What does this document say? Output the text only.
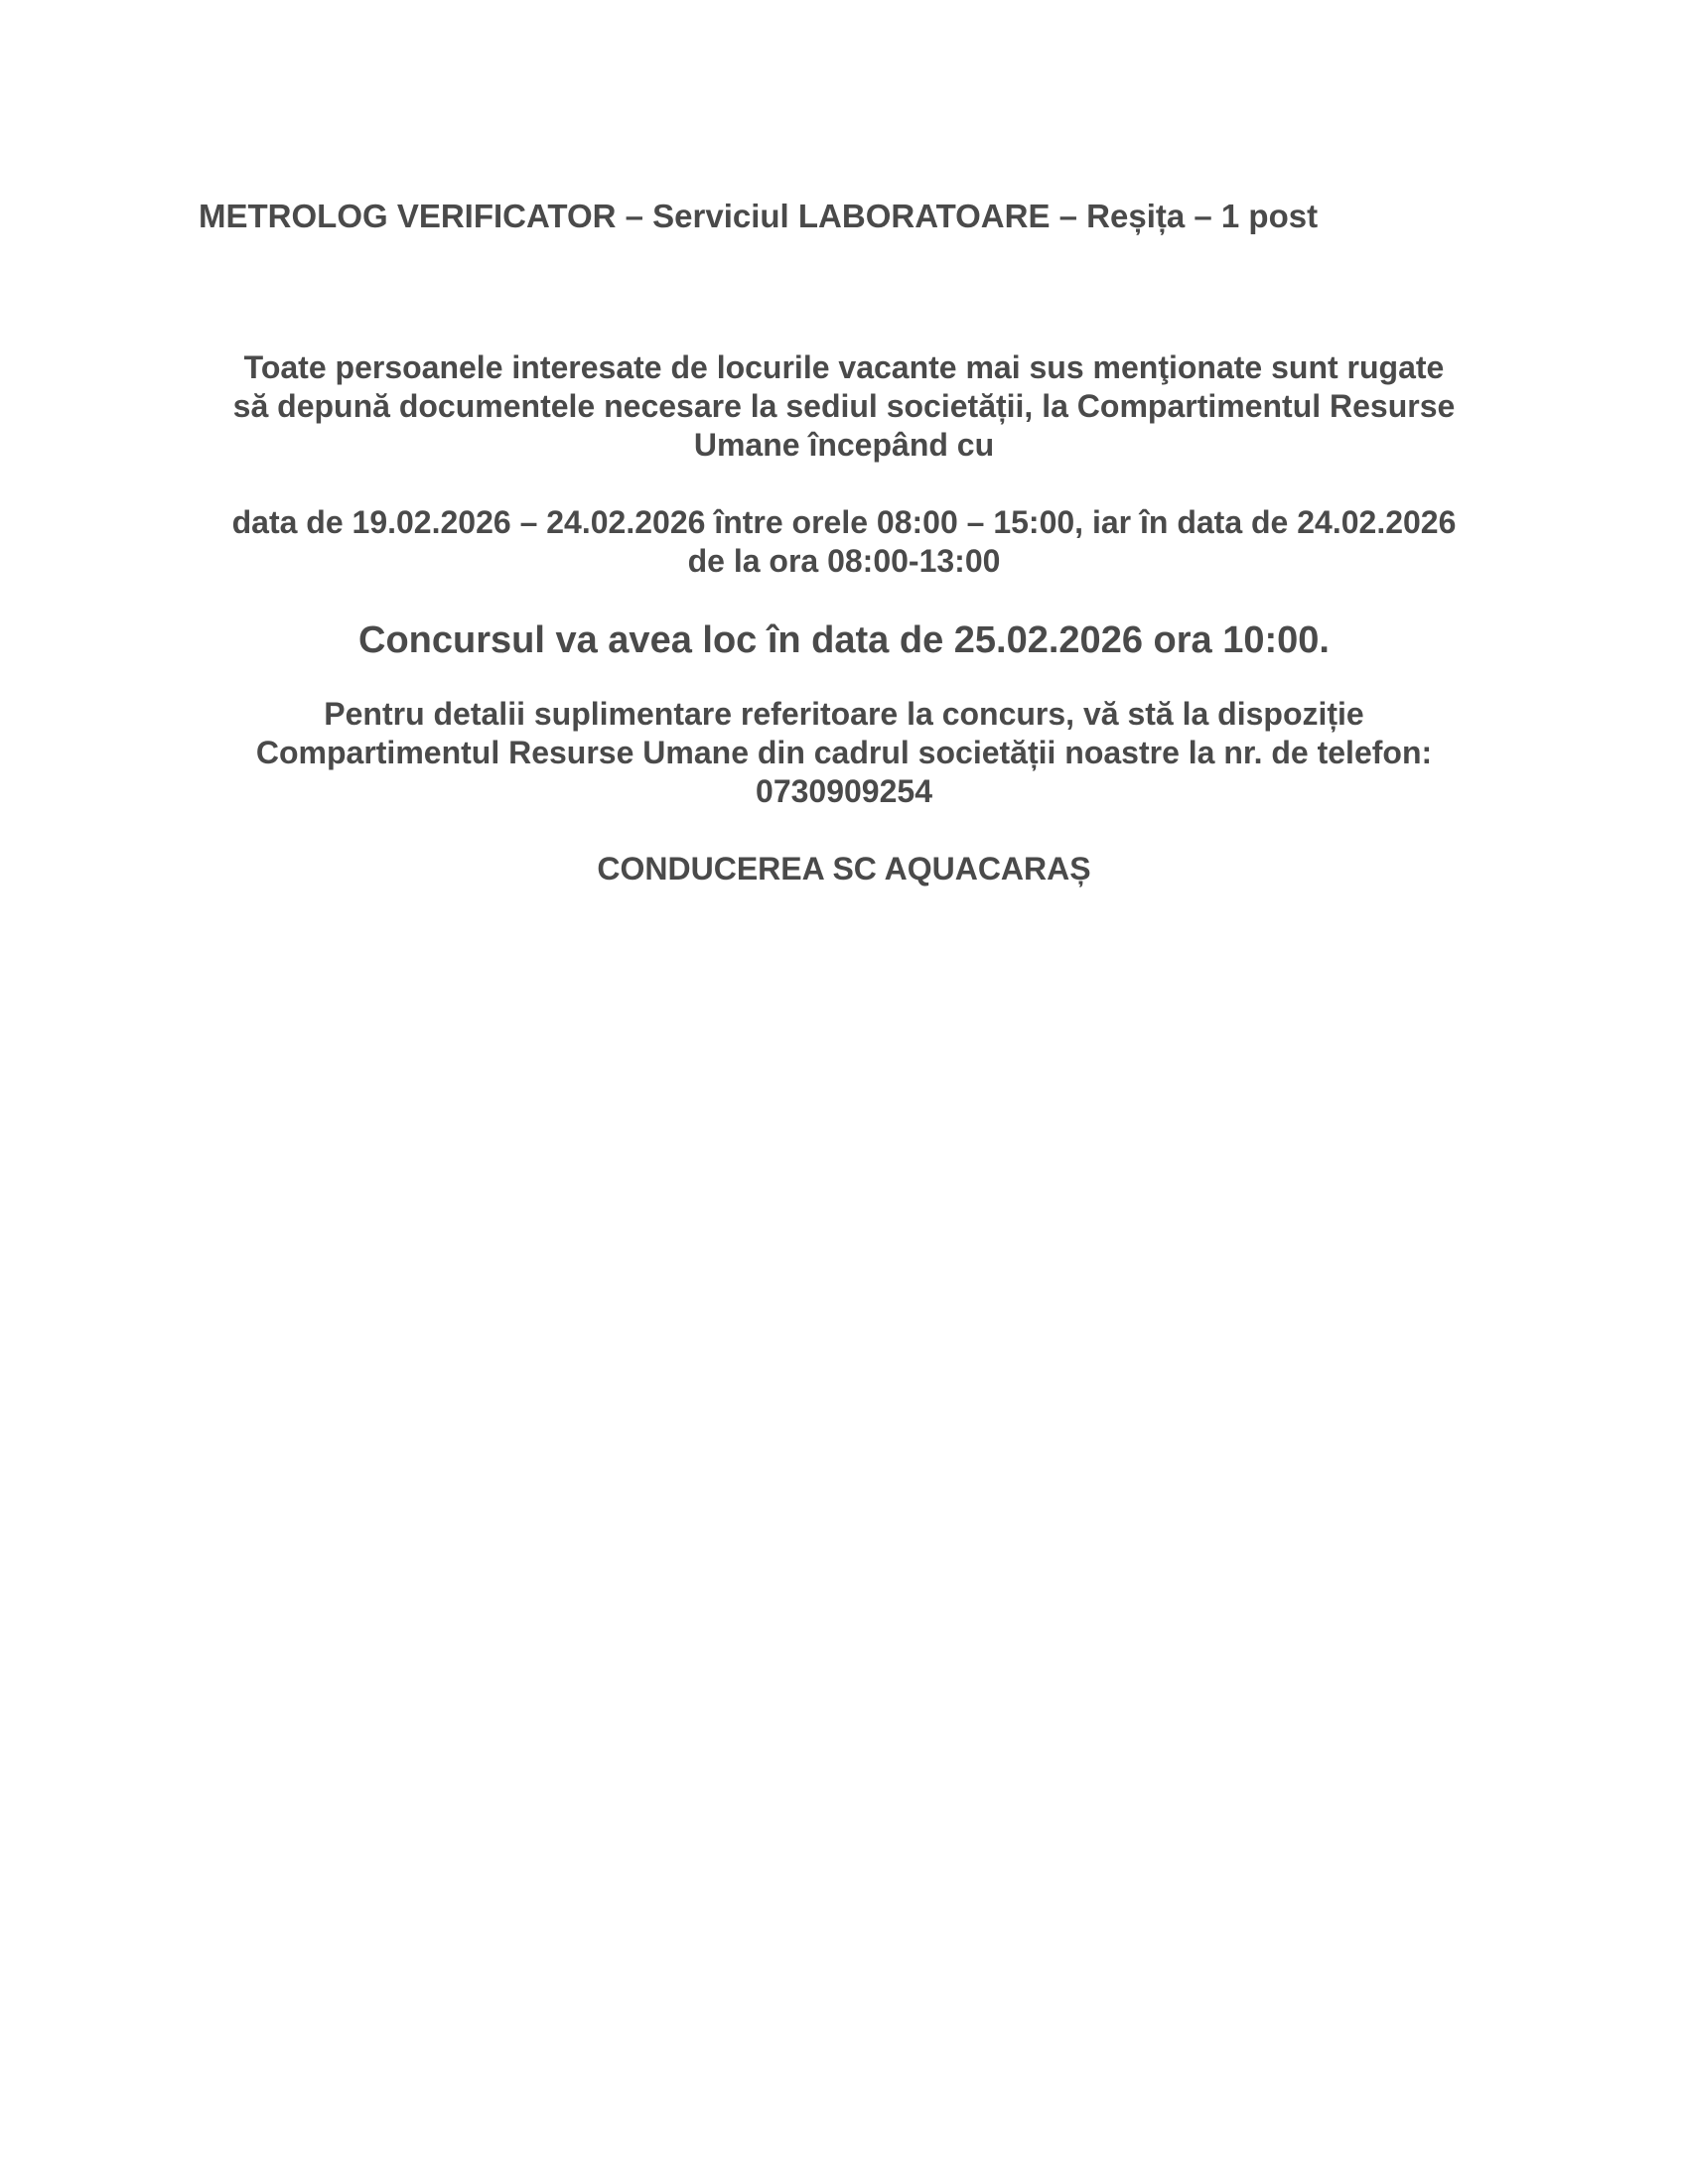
METROLOG VERIFICATOR – Serviciul LABORATOARE – Reșița – 1 post
Toate persoanele interesate de locurile vacante mai sus menţionate sunt rugate
să depună documentele necesare la sediul societății, la Compartimentul Resurse
Umane începând cu
data de 19.02.2026 – 24.02.2026 între orele 08:00 – 15:00, iar în data de 24.02.2026
de la ora 08:00-13:00
Concursul va avea loc în data de 25.02.2026 ora 10:00.
Pentru detalii suplimentare referitoare la concurs, vă stă la dispoziție
Compartimentul Resurse Umane din cadrul societății noastre la nr. de telefon:
0730909254
CONDUCEREA SC AQUACARAȘ
